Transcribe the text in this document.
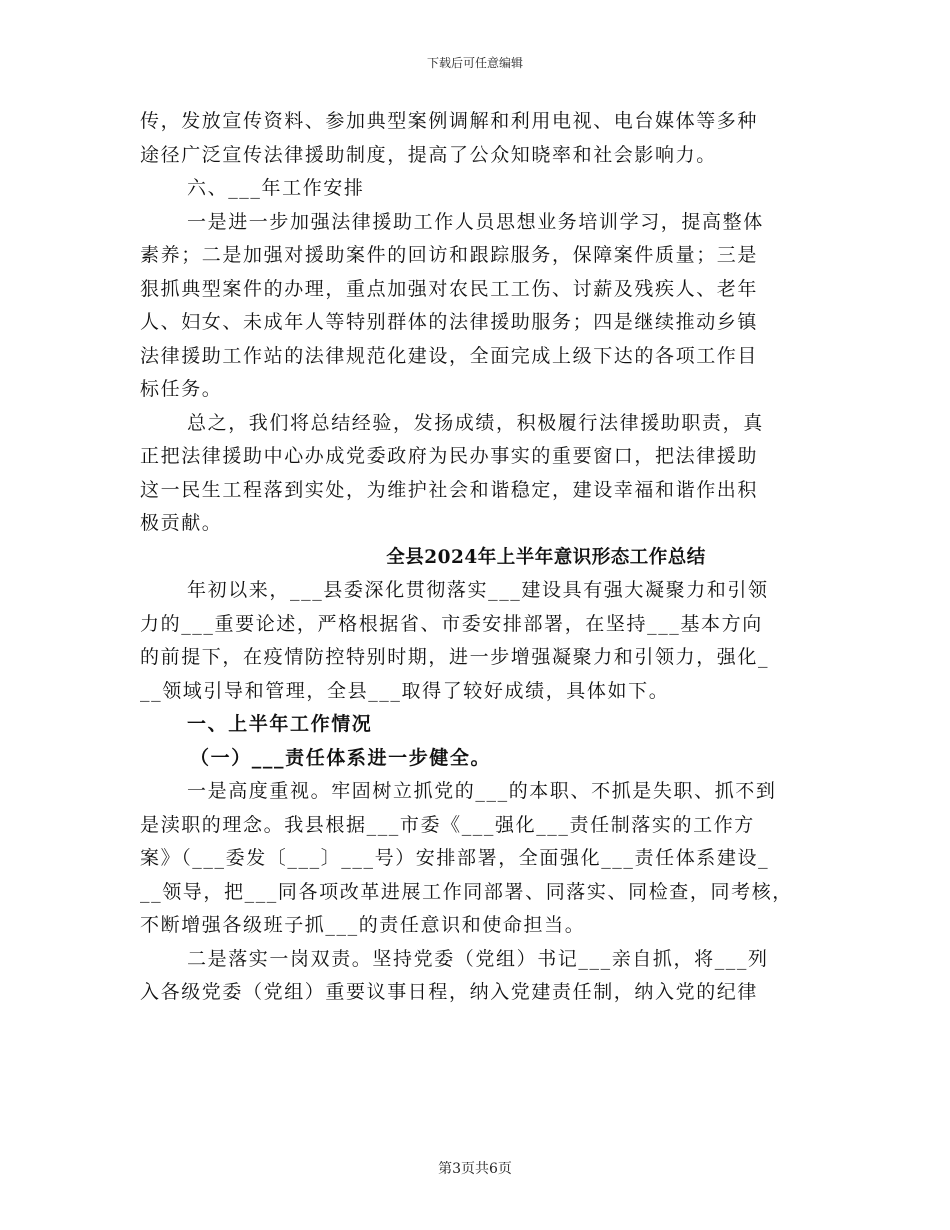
下载后可任意编辑
传，发放宣传资料、参加典型案例调解和利用电视、电台媒体等多种
途径广泛宣传法律援助制度，提高了公众知晓率和社会影响力。
六、___年工作安排
一是进一步加强法律援助工作人员思想业务培训学习，提高整体
素养；二是加强对援助案件的回访和跟踪服务，保障案件质量；三是
狠抓典型案件的办理，重点加强对农民工工伤、讨薪及残疾人、老年
人、妇女、未成年人等特别群体的法律援助服务；四是继续推动乡镇
法律援助工作站的法律规范化建设，全面完成上级下达的各项工作目
标任务。
总之，我们将总结经验，发扬成绩，积极履行法律援助职责，真
正把法律援助中心办成党委政府为民办事实的重要窗口，把法律援助
这一民生工程落到实处，为维护社会和谐稳定，建设幸福和谐作出积
极贡献。
全县2024年上半年意识形态工作总结
年初以来，___县委深化贯彻落实___建设具有强大凝聚力和引领
力的___重要论述，严格根据省、市委安排部署，在坚持___基本方向
的前提下，在疫情防控特别时期，进一步增强凝聚力和引领力，强化_
__领域引导和管理，全县___取得了较好成绩，具体如下。
一、上半年工作情况
（一）___责任体系进一步健全。
一是高度重视。牢固树立抓党的___的本职、不抓是失职、抓不到
是渎职的理念。我县根据___市委《___强化___责任制落实的工作方
案》（___委发〔___〕___号）安排部署，全面强化___责任体系建设_
__领导，把___同各项改革进展工作同部署、同落实、同检查，同考核，
不断增强各级班子抓___的责任意识和使命担当。
二是落实一岗双责。坚持党委（党组）书记___亲自抓，将___列
入各级党委（党组）重要议事日程，纳入党建责任制，纳入党的纪律
第3页共6页
